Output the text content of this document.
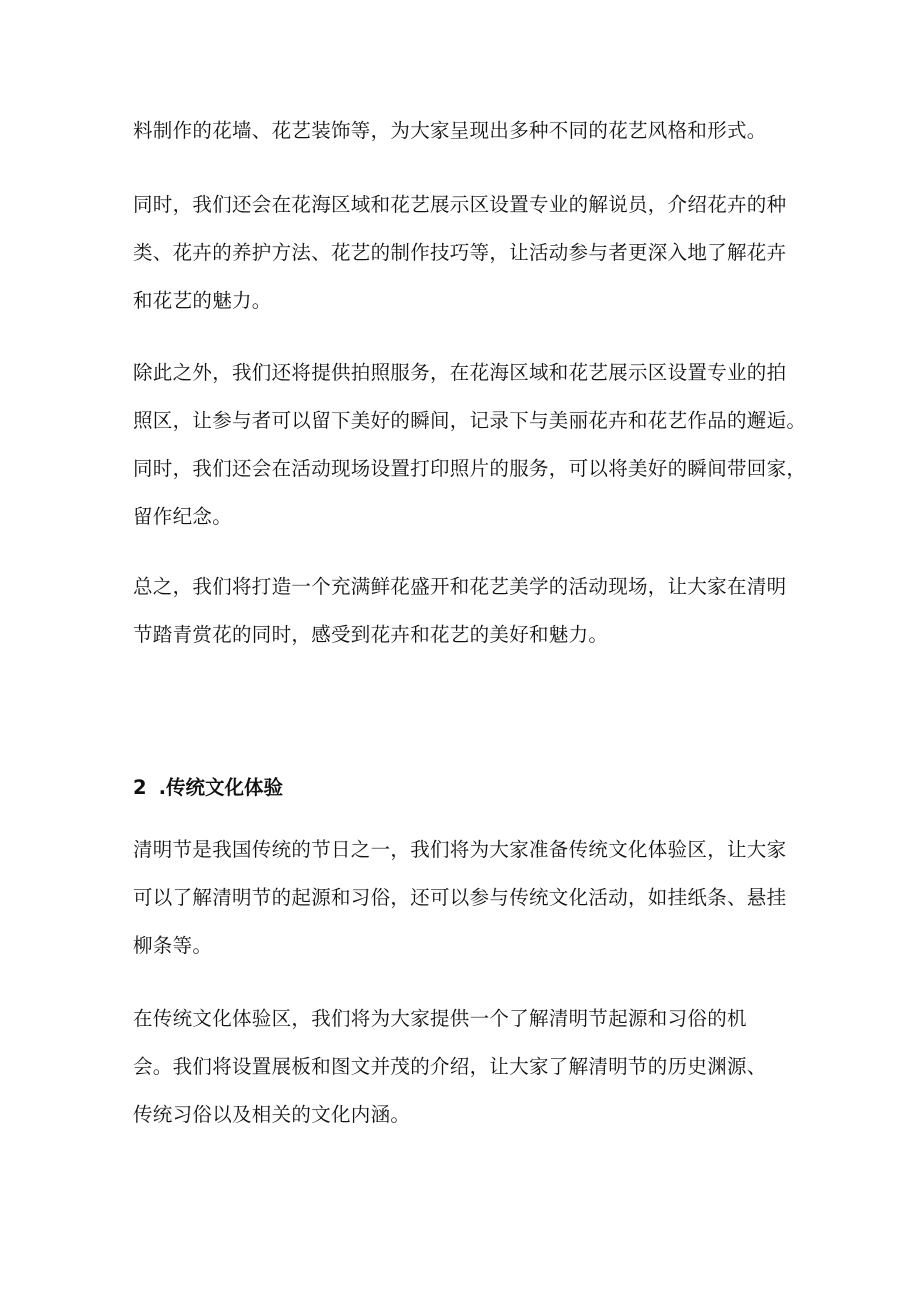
料制作的花墙、花艺装饰等，为大家呈现出多种不同的花艺风格和形式。

同时，我们还会在花海区域和花艺展示区设置专业的解说员，介绍花卉的种
类、花卉的养护方法、花艺的制作技巧等，让活动参与者更深入地了解花卉
和花艺的魅力。

除此之外，我们还将提供拍照服务，在花海区域和花艺展示区设置专业的拍
照区，让参与者可以留下美好的瞬间，记录下与美丽花卉和花艺作品的邂逅。
同时，我们还会在活动现场设置打印照片的服务，可以将美好的瞬间带回家，
留作纪念。

总之，我们将打造一个充满鲜花盛开和花艺美学的活动现场，让大家在清明
节踏青赏花的同时，感受到花卉和花艺的美好和魅力。

2 .传统文化体验

清明节是我国传统的节日之一，我们将为大家准备传统文化体验区，让大家
可以了解清明节的起源和习俗，还可以参与传统文化活动，如挂纸条、悬挂
柳条等。

在传统文化体验区，我们将为大家提供一个了解清明节起源和习俗的机
会。我们将设置展板和图文并茂的介绍，让大家了解清明节的历史渊源、
传统习俗以及相关的文化内涵。
